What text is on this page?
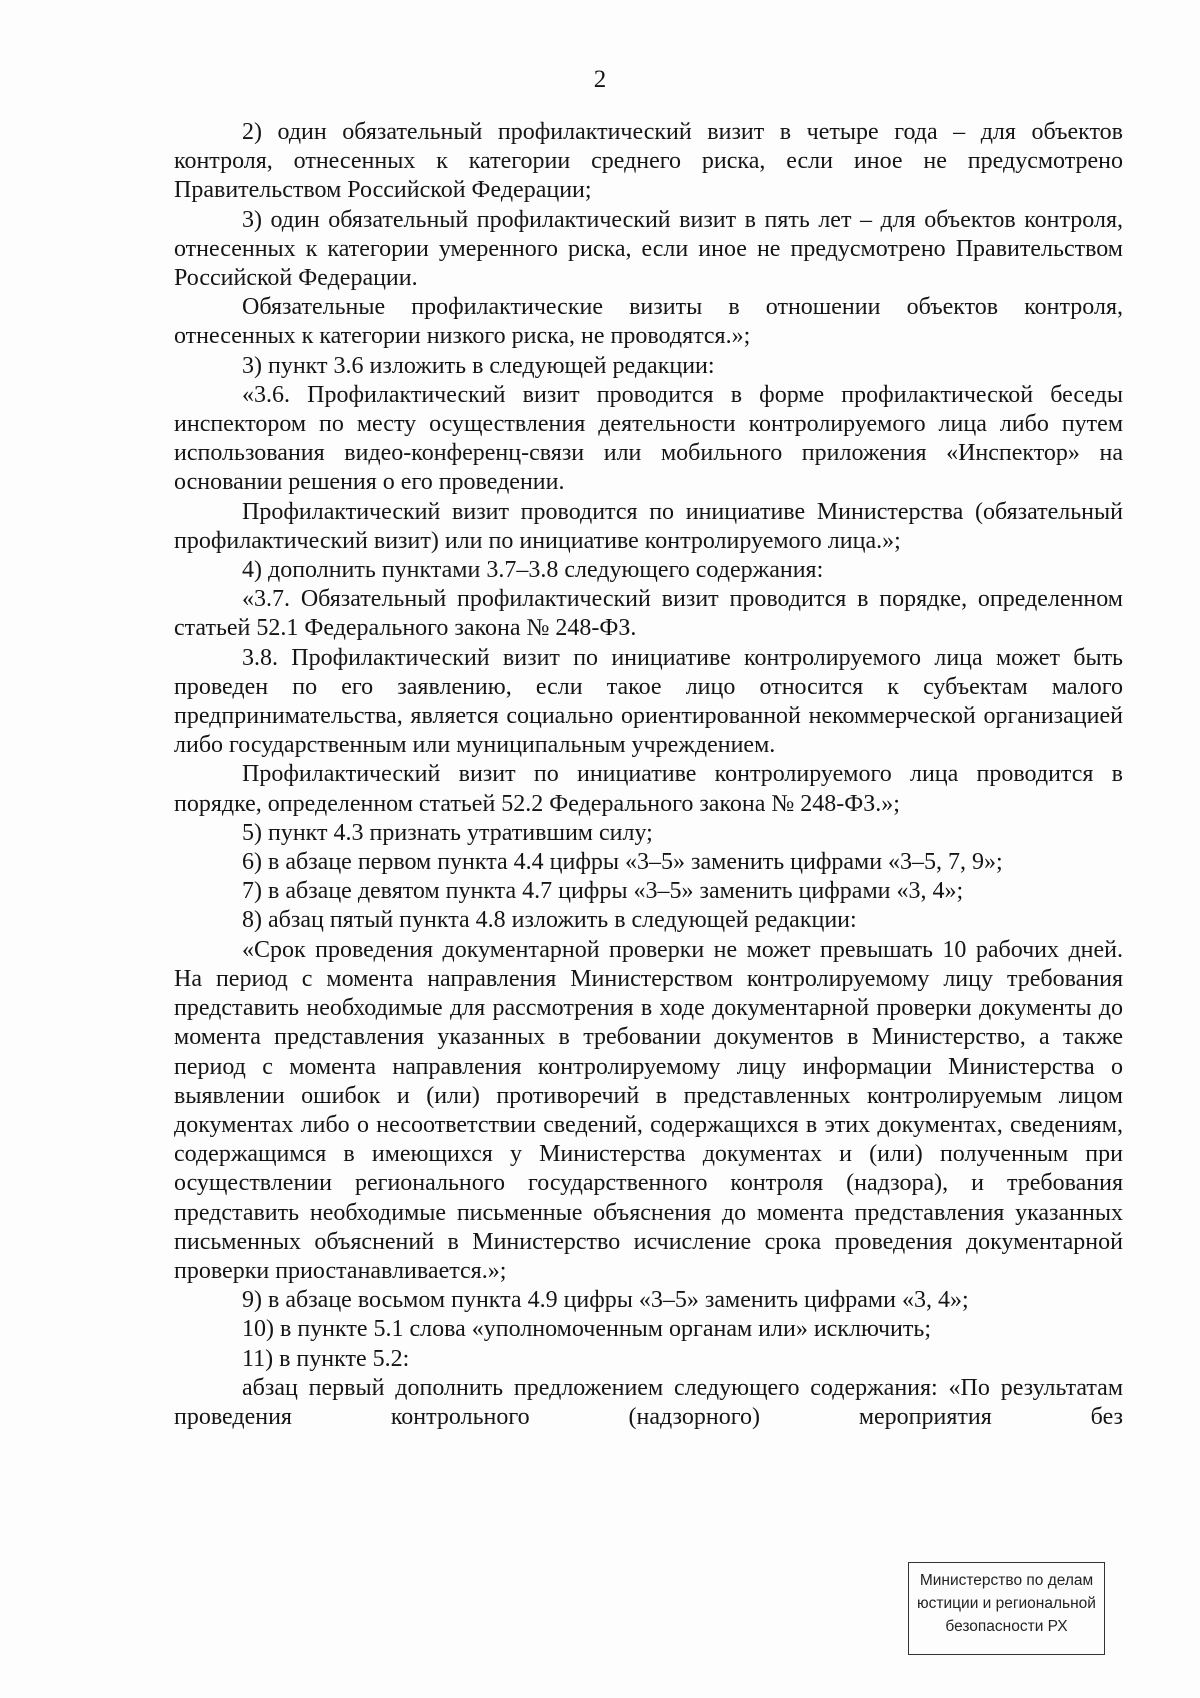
2

2) один обязательный профилактический визит в четыре года – для объектов контроля, отнесенных к категории среднего риска, если иное не предусмотрено Правительством Российской Федерации;

3) один обязательный профилактический визит в пять лет – для объектов контроля, отнесенных к категории умеренного риска, если иное не предусмотрено Правительством Российской Федерации.

Обязательные профилактические визиты в отношении объектов контроля, отнесенных к категории низкого риска, не проводятся.»;

3) пункт 3.6 изложить в следующей редакции:

«3.6. Профилактический визит проводится в форме профилактической беседы инспектором по месту осуществления деятельности контролируемого лица либо путем использования видео-конференц-связи или мобильного приложения «Инспектор» на основании решения о его проведении.

Профилактический визит проводится по инициативе Министерства (обязательный профилактический визит) или по инициативе контролируемого лица.»;

4) дополнить пунктами 3.7–3.8 следующего содержания:

«3.7. Обязательный профилактический визит проводится в порядке, определенном статьей 52.1 Федерального закона № 248-ФЗ.

3.8. Профилактический визит по инициативе контролируемого лица может быть проведен по его заявлению, если такое лицо относится к субъектам малого предпринимательства, является социально ориентированной некоммерческой организацией либо государственным или муниципальным учреждением.

Профилактический визит по инициативе контролируемого лица проводится в порядке, определенном статьей 52.2 Федерального закона № 248-ФЗ.»;

5) пункт 4.3 признать утратившим силу;

6) в абзаце первом пункта 4.4 цифры «3–5» заменить цифрами «3–5, 7, 9»;

7) в абзаце девятом пункта 4.7 цифры «3–5» заменить цифрами «3, 4»;

8) абзац пятый пункта 4.8 изложить в следующей редакции:

«Срок проведения документарной проверки не может превышать 10 рабочих дней. На период с момента направления Министерством контролируемому лицу требования представить необходимые для рассмотрения в ходе документарной проверки документы до момента представления указанных в требовании документов в Министерство, а также период с момента направления контролируемому лицу информации Министерства о выявлении ошибок и (или) противоречий в представленных контролируемым лицом документах либо о несоответствии сведений, содержащихся в этих документах, сведениям, содержащимся в имеющихся у Министерства документах и (или) полученным при осуществлении регионального государственного контроля (надзора), и требования представить необходимые письменные объяснения до момента представления указанных письменных объяснений в Министерство исчисление срока проведения документарной проверки приостанавливается.»;

9) в абзаце восьмом пункта 4.9 цифры «3–5» заменить цифрами «3, 4»;

10) в пункте 5.1 слова «уполномоченным органам или» исключить;

11) в пункте 5.2:

абзац первый дополнить предложением следующего содержания: «По результатам проведения контрольного (надзорного) мероприятия без

Министерство по делам
юстиции и региональной
безопасности РХ
